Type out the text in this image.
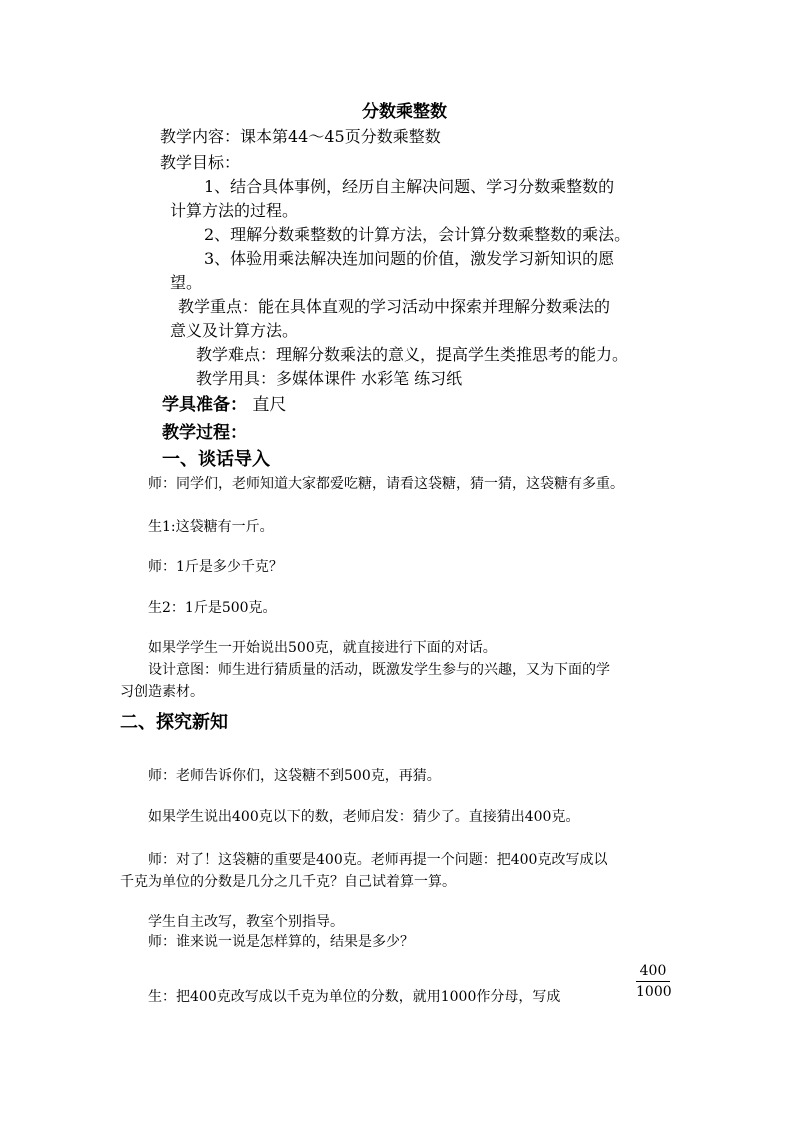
分数乘整数
教学内容：课本第44～45页分数乘整数
教学目标：
1、结合具体事例，经历自主解决问题、学习分数乘整数的
计算方法的过程。
2、理解分数乘整数的计算方法，会计算分数乘整数的乘法。
3、体验用乘法解决连加问题的价值，激发学习新知识的愿
望。
教学重点：能在具体直观的学习活动中探索并理解分数乘法的
意义及计算方法。
教学难点：理解分数乘法的意义，提高学生类推思考的能力。
教学用具：多媒体课件 水彩笔 练习纸
学具准备： 直尺
教学过程：
一、谈话导入
师：同学们，老师知道大家都爱吃糖，请看这袋糖，猜一猜，这袋糖有多重。
生1:这袋糖有一斤。
师：1斤是多少千克？
生2：1斤是500克。
如果学学生一开始说出500克，就直接进行下面的对话。
设计意图：师生进行猜质量的活动，既激发学生参与的兴趣，又为下面的学
习创造素材。
二、探究新知
师：老师告诉你们，这袋糖不到500克，再猜。
如果学生说出400克以下的数，老师启发：猜少了。直接猜出400克。
师：对了！这袋糖的重要是400克。老师再提一个问题：把400克改写成以
千克为单位的分数是几分之几千克？自己试着算一算。
学生自主改写，教室个别指导。
师：谁来说一说是怎样算的，结果是多少？
生：把400克改写成以千克为单位的分数，就用1000作分母，写成	$\frac{400}{1000}$
